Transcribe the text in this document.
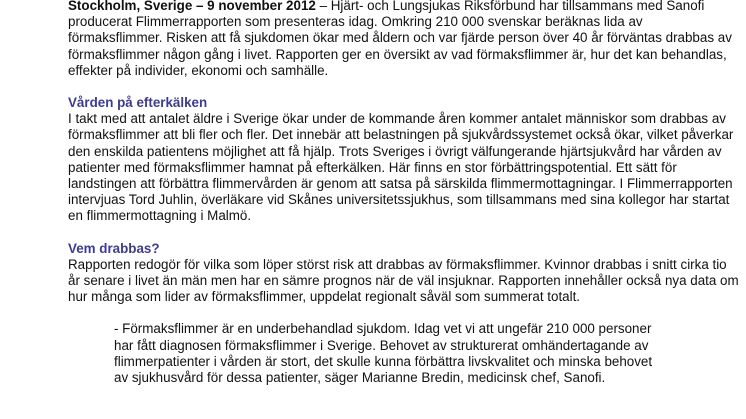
Stockholm, Sverige – 9 november 2012 – Hjärt- och Lungsjukas Riksförbund har tillsammans med Sanofi producerat Flimmerrapporten som presenteras idag. Omkring 210 000 svenskar beräknas lida av förmaksflimmer. Risken att få sjukdomen ökar med åldern och var fjärde person över 40 år förväntas drabbas av förmaksflimmer någon gång i livet. Rapporten ger en översikt av vad förmaksflimmer är, hur det kan behandlas, effekter på individer, ekonomi och samhälle.

Vården på efterkälken

I takt med att antalet äldre i Sverige ökar under de kommande åren kommer antalet människor som drabbas av förmaksflimmer att bli fler och fler. Det innebär att belastningen på sjukvårdssystemet också ökar, vilket påverkar den enskilda patientens möjlighet att få hjälp. Trots Sveriges i övrigt välfungerande hjärtsjukvård har vården av patienter med förmaksflimmer hamnat på efterkälken. Här finns en stor förbättringspotential. Ett sätt för landstingen att förbättra flimmervården är genom att satsa på särskilda flimmermottagningar. I Flimmerrapporten intervjuas Tord Juhlin, överläkare vid Skånes universitetssjukhus, som tillsammans med sina kollegor har startat en flimmermottagning i Malmö.

Vem drabbas?

Rapporten redogör för vilka som löper störst risk att drabbas av förmaksflimmer. Kvinnor drabbas i snitt cirka tio år senare i livet än män men har en sämre prognos när de väl insjuknar. Rapporten innehåller också nya data om hur många som lider av förmaksflimmer, uppdelat regionalt såväl som summerat totalt.

- Förmaksflimmer är en underbehandlad sjukdom. Idag vet vi att ungefär 210 000 personer har fått diagnosen förmaksflimmer i Sverige. Behovet av strukturerat omhändertagande av flimmerpatienter i vården är stort, det skulle kunna förbättra livskvalitet och minska behovet av sjukhusvård för dessa patienter, säger Marianne Bredin, medicinsk chef, Sanofi.
